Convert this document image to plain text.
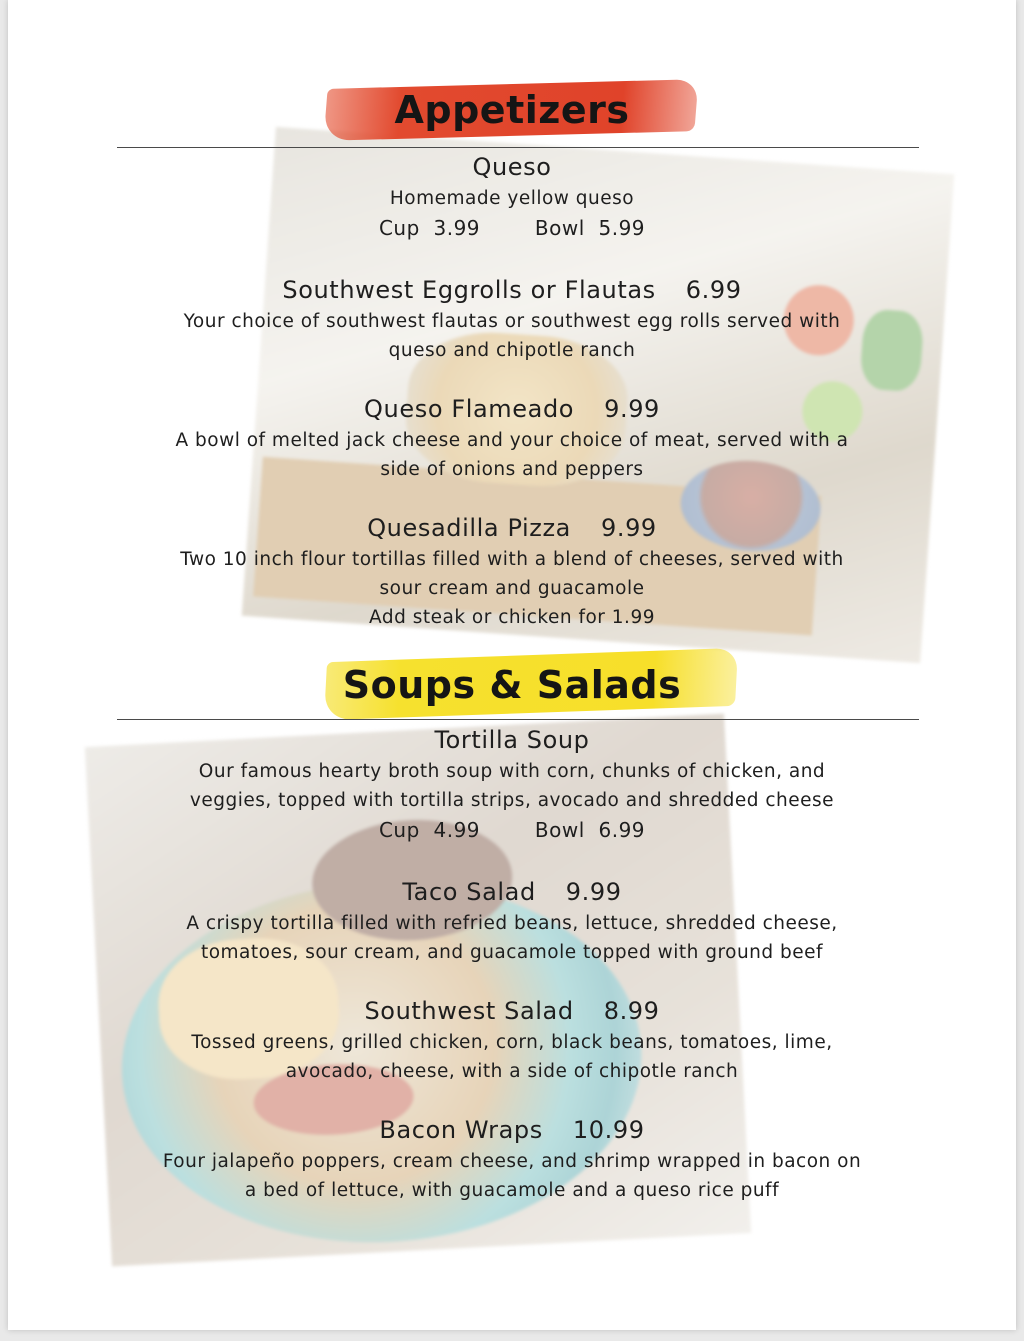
Appetizers
Queso
Homemade yellow queso
Cup  3.99	Bowl  5.99
Southwest Eggrolls or Flautas 6.99
Your choice of southwest flautas or southwest egg rolls served with
queso and chipotle ranch
Queso Flameado 9.99
A bowl of melted jack cheese and your choice of meat, served with a
side of onions and peppers
Quesadilla Pizza 9.99
Two 10 inch flour tortillas filled with a blend of cheeses, served with
sour cream and guacamole
Add steak or chicken for 1.99
Soups & Salads
Tortilla Soup
Our famous hearty broth soup with corn, chunks of chicken, and
veggies, topped with tortilla strips, avocado and shredded cheese
Cup  4.99	Bowl  6.99
Taco Salad 9.99
A crispy tortilla filled with refried beans, lettuce, shredded cheese,
tomatoes, sour cream, and guacamole topped with ground beef
Southwest Salad 8.99
Tossed greens, grilled chicken, corn, black beans, tomatoes, lime,
avocado, cheese, with a side of chipotle ranch
Bacon Wraps 10.99
Four jalapeño poppers, cream cheese, and shrimp wrapped in bacon on
a bed of lettuce, with guacamole and a queso rice puff
